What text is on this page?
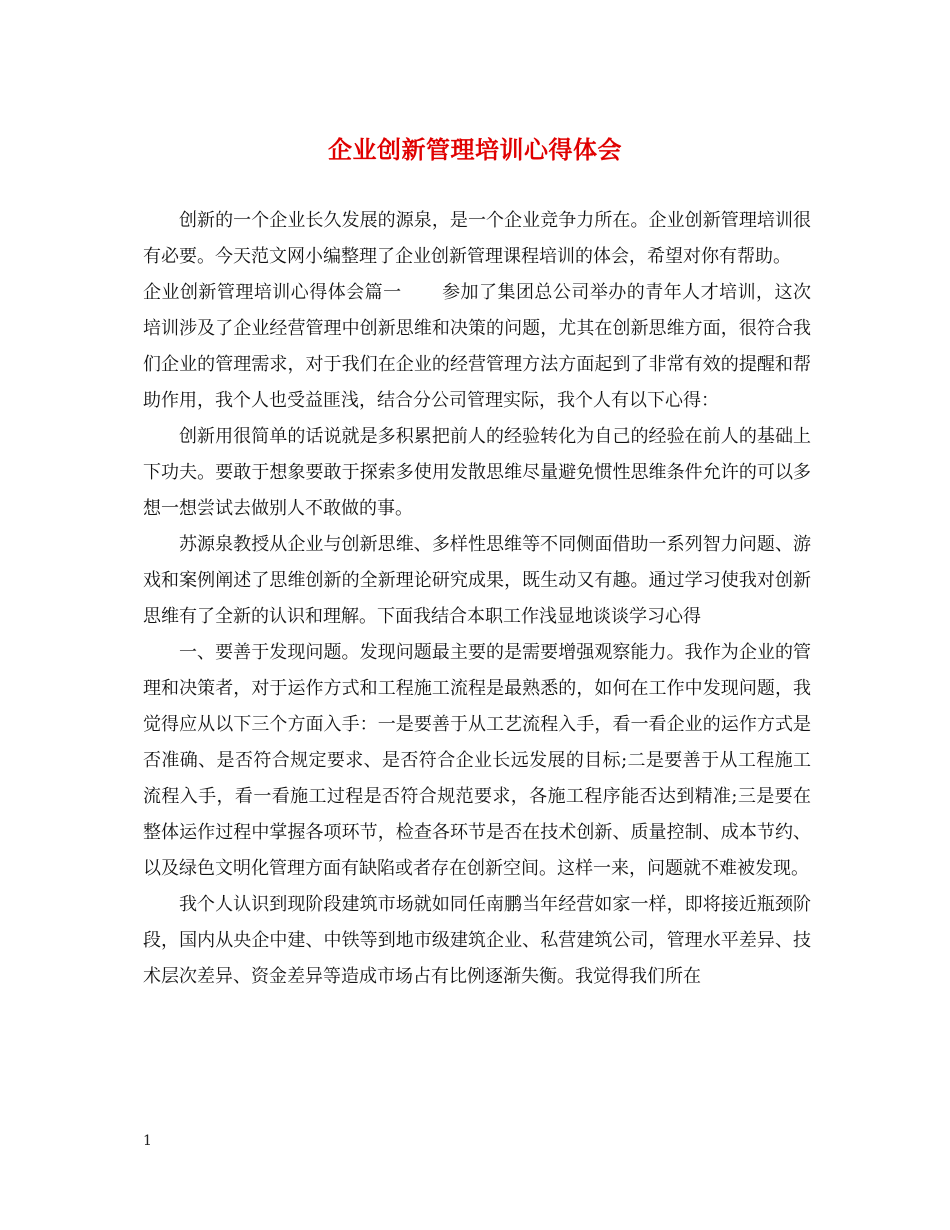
企业创新管理培训心得体会

创新的一个企业长久发展的源泉，是一个企业竞争力所在。企业创新管理培训很有必要。今天范文网小编整理了企业创新管理课程培训的体会，希望对你有帮助。

企业创新管理培训心得体会篇一 参加了集团总公司举办的青年人才培训，这次培训涉及了企业经营管理中创新思维和决策的问题，尤其在创新思维方面，很符合我们企业的管理需求，对于我们在企业的经营管理方法方面起到了非常有效的提醒和帮助作用，我个人也受益匪浅，结合分公司管理实际，我个人有以下心得：

创新用很简单的话说就是多积累把前人的经验转化为自己的经验在前人的基础上下功夫。要敢于想象要敢于探索多使用发散思维尽量避免惯性思维条件允许的可以多想一想尝试去做别人不敢做的事。

苏源泉教授从企业与创新思维、多样性思维等不同侧面借助一系列智力问题、游戏和案例阐述了思维创新的全新理论研究成果，既生动又有趣。通过学习使我对创新思维有了全新的认识和理解。下面我结合本职工作浅显地谈谈学习心得

一、要善于发现问题。发现问题最主要的是需要增强观察能力。我作为企业的管理和决策者，对于运作方式和工程施工流程是最熟悉的，如何在工作中发现问题，我觉得应从以下三个方面入手：一是要善于从工艺流程入手，看一看企业的运作方式是否准确、是否符合规定要求、是否符合企业长远发展的目标;二是要善于从工程施工流程入手，看一看施工过程是否符合规范要求，各施工程序能否达到精准;三是要在整体运作过程中掌握各项环节，检查各环节是否在技术创新、质量控制、成本节约、以及绿色文明化管理方面有缺陷或者存在创新空间。这样一来，问题就不难被发现。

我个人认识到现阶段建筑市场就如同任南鹏当年经营如家一样，即将接近瓶颈阶段，国内从央企中建、中铁等到地市级建筑企业、私营建筑公司，管理水平差异、技术层次差异、资金差异等造成市场占有比例逐渐失衡。我觉得我们所在

1
